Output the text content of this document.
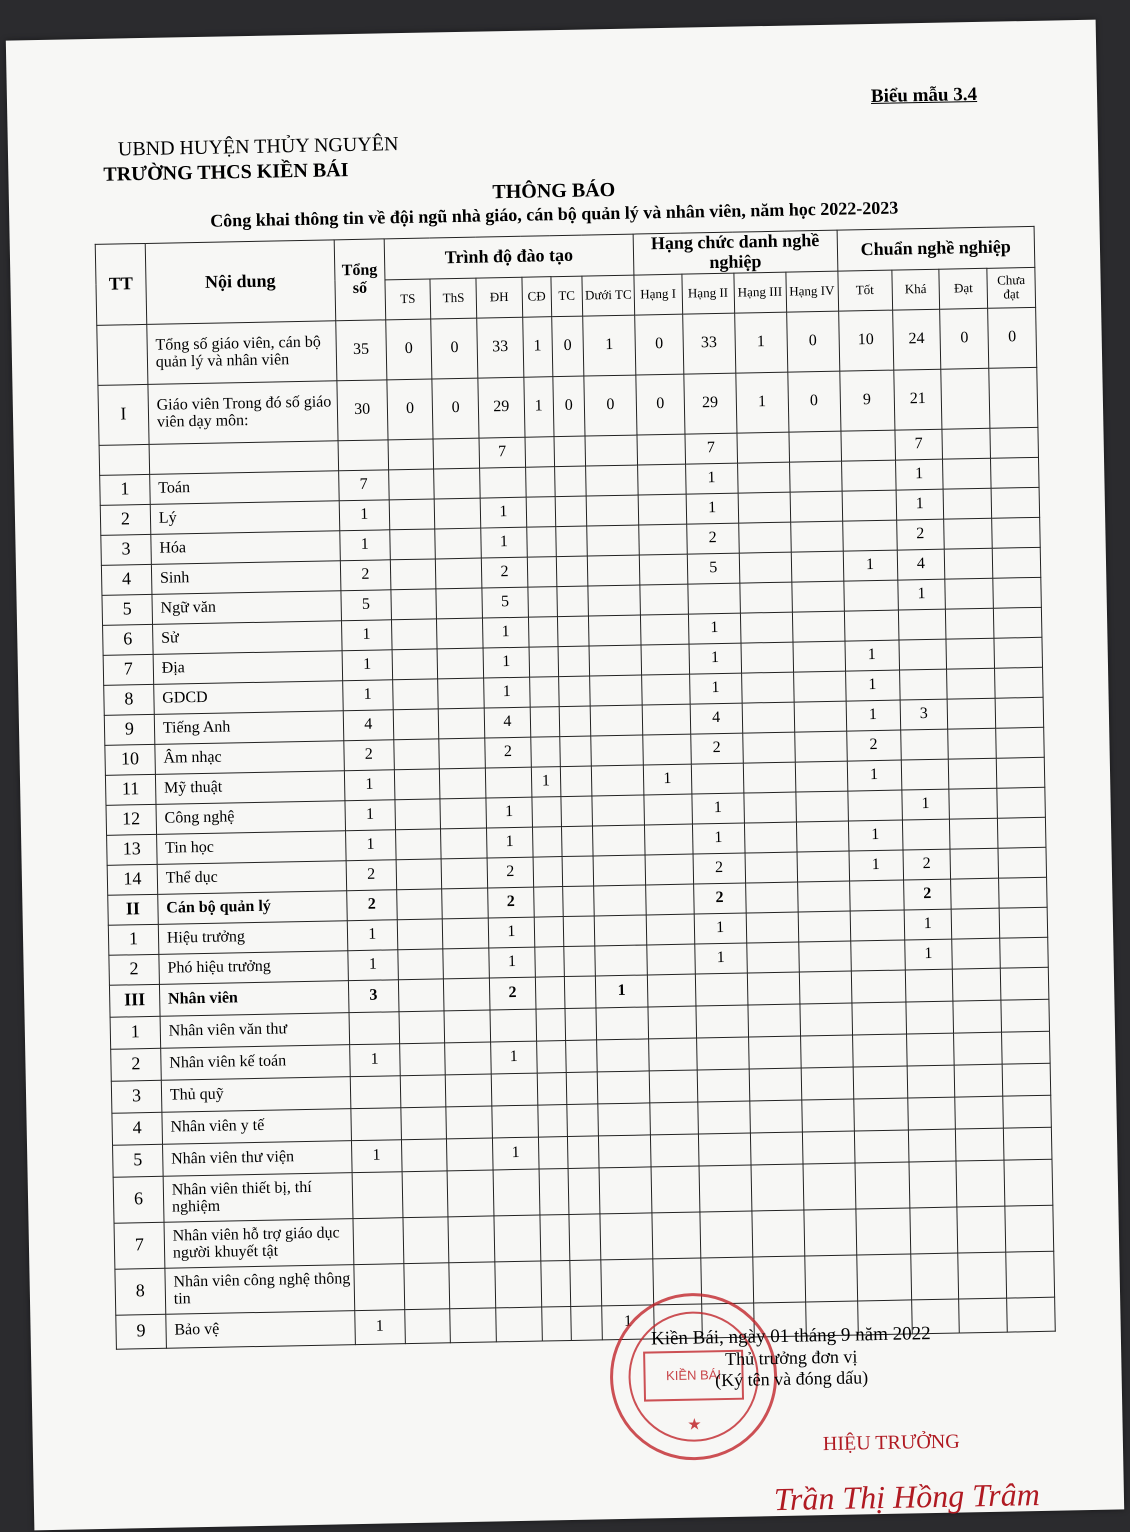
Biểu mẫu 3.4
UBND HUYỆN THỦY NGUYÊN
TRƯỜNG THCS KIỀN BÁI
THÔNG BÁO
Công khai thông tin về đội ngũ nhà giáo, cán bộ quản lý và nhân viên, năm học 2022-2023
TT	Nội dung	Tổng số	Trình độ đào tạo						Hạng chức danh nghề nghiệp				Chuẩn nghề nghiệp			
			TS	ThS	ĐH	CĐ	TC	Dưới TC	Hạng I	Hạng II	Hạng III	Hạng IV	Tốt	Khá	Đạt	Chưa đạt
	Tổng số giáo viên, cán bộ quản lý và nhân viên	35	0	0	33	1	0	1	0	33	1	0	10	24	0	0
I	Giáo viên Trong đó số giáo viên dạy môn:	30	0	0	29	1	0	0	0	29	1	0	9	21		
					7					7				7		
1	Toán	7								1				1		
2	Lý	1			1					1				1		
3	Hóa	1			1					2				2		
4	Sinh	2			2					5			1	4		
5	Ngữ văn	5			5									1		
6	Sử	1			1					1						
7	Địa	1			1					1			1			
8	GDCD	1			1					1			1			
9	Tiếng Anh	4			4					4			1	3		
10	Âm nhạc	2			2					2			2			
11	Mỹ thuật	1				1			1				1			
12	Công nghệ	1			1					1				1		
13	Tin học	1			1					1			1			
14	Thể dục	2			2					2			1	2		
II	Cán bộ quản lý	2			2					2				2		
1	Hiệu trưởng	1			1					1				1		
2	Phó hiệu trưởng	1			1					1				1		
III	Nhân viên	3			2			1								
1	Nhân viên văn thư															
2	Nhân viên kế toán	1			1											
3	Thủ quỹ															
4	Nhân viên y tế															
5	Nhân viên thư viện	1			1											
6	Nhân viên thiết bị, thí nghiệm															
7	Nhân viên hỗ trợ giáo dục người khuyết tật															
8	Nhân viên công nghệ thông tin															
9	Bảo vệ	1						1								
KIỀN BÁI
★
Kiền Bái, ngày 01 tháng 9 năm 2022
Thủ trưởng đơn vị
(Ký tên và đóng dấu)
HIỆU TRƯỞNG
Trần Thị Hồng Trâm
